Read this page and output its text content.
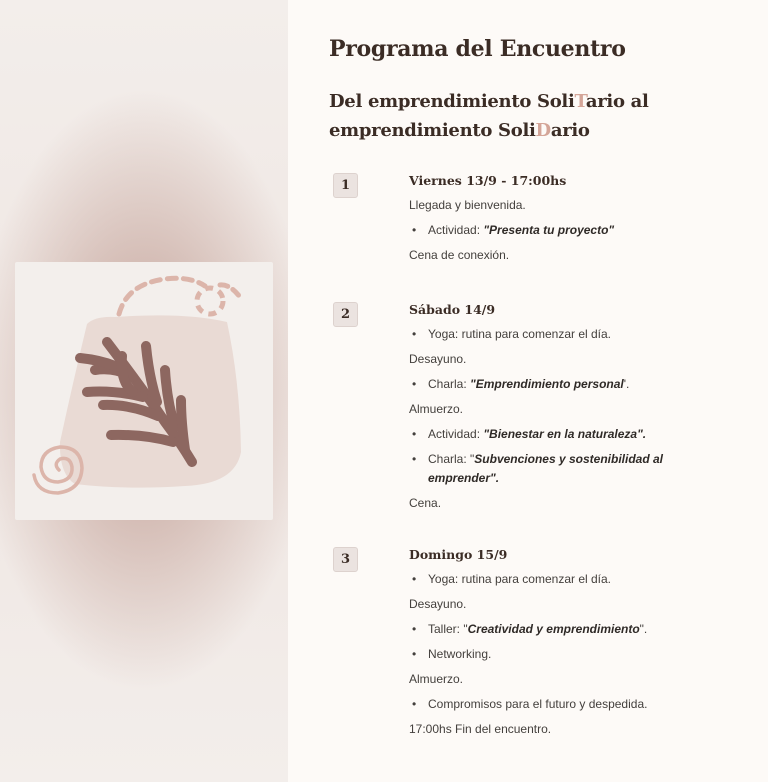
Programa del Encuentro
Del emprendimiento SoliTario al
emprendimiento SoliDario
1	Viernes 13/9 - 17:00hs
Llegada y bienvenida.
• Actividad: "Presenta tu proyecto"
Cena de conexión.
2	Sábado 14/9
• Yoga: rutina para comenzar el día.
Desayuno.
• Charla: "Emprendimiento personal'.
Almuerzo.
• Actividad: "Bienestar en la naturaleza".
• Charla: "Subvenciones y sostenibilidad al emprender".
Cena.
3	Domingo 15/9
• Yoga: rutina para comenzar el día.
Desayuno.
• Taller: "Creatividad y emprendimiento".
• Networking.
Almuerzo.
• Compromisos para el futuro y despedida.
17:00hs Fin del encuentro.
